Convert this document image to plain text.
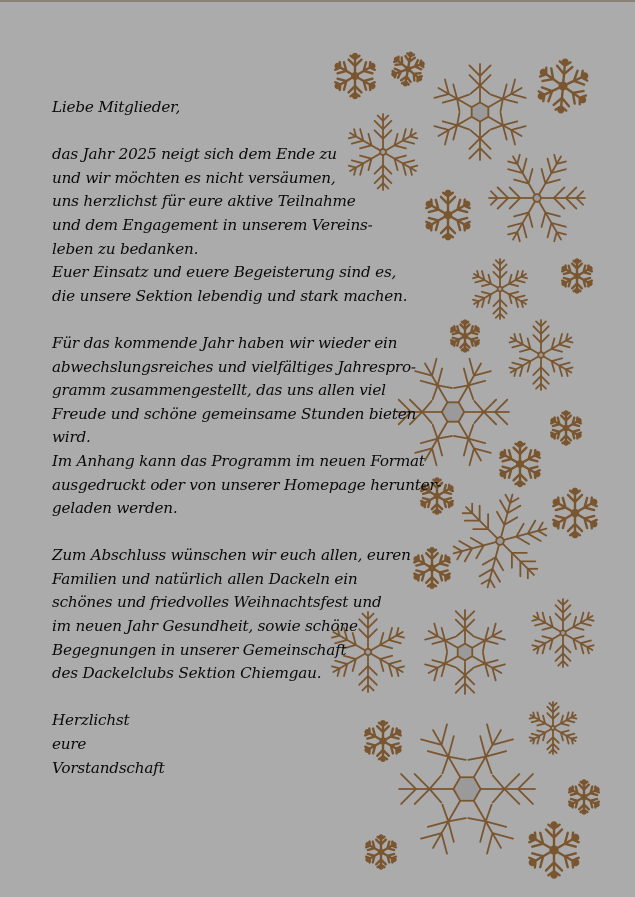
Liebe Mitglieder,
das Jahr 2025 neigt sich dem Ende zu
und wir möchten es nicht versäumen,
uns herzlichst für eure aktive Teilnahme
und dem Engagement in unserem Vereins-
leben zu bedanken.
Euer Einsatz und euere Begeisterung sind es,
die unsere Sektion lebendig und stark machen.
Für das kommende Jahr haben wir wieder ein
abwechslungsreiches und vielfältiges Jahrespro-
gramm zusammengestellt, das uns allen viel
Freude und schöne gemeinsame Stunden bieten
wird.
Im Anhang kann das Programm im neuen Format
ausgedruckt oder von unserer Homepage herunter-
geladen werden.
Zum Abschluss wünschen wir euch allen, euren
Familien und natürlich allen Dackeln ein
schönes und friedvolles Weihnachtsfest und
im neuen Jahr Gesundheit, sowie schöne
Begegnungen in unserer Gemeinschaft
des Dackelclubs Sektion Chiemgau.
Herzlichst
eure
Vorstandschaft
